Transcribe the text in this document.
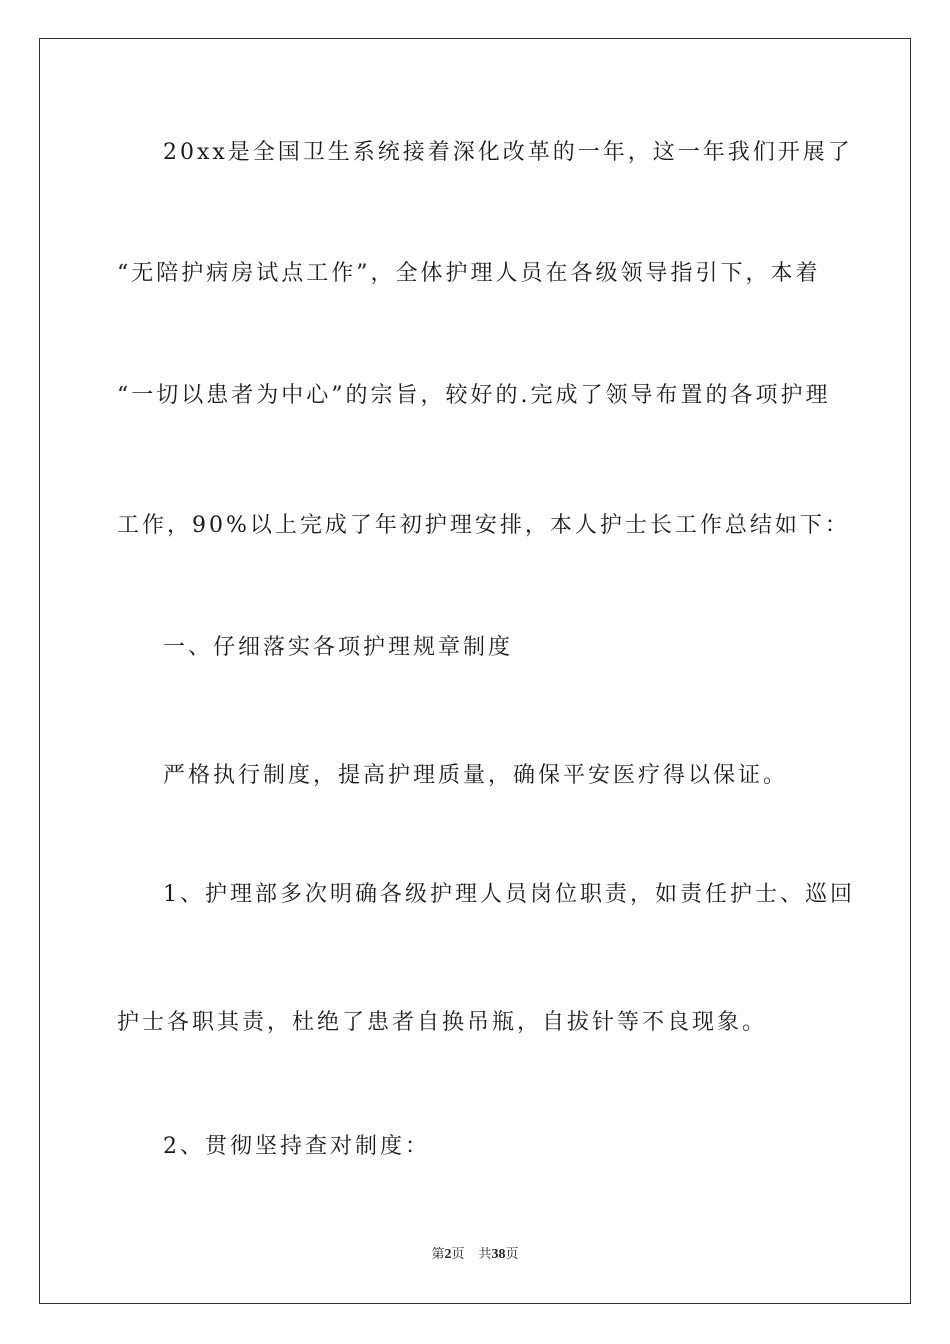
20xx是全国卫生系统接着深化改革的一年，这一年我们开展了
“无陪护病房试点工作”，全体护理人员在各级领导指引下，本着
“一切以患者为中心”的宗旨，较好的.完成了领导布置的各项护理
工作，90%以上完成了年初护理安排，本人护士长工作总结如下：
一、仔细落实各项护理规章制度
严格执行制度，提高护理质量，确保平安医疗得以保证。
1、护理部多次明确各级护理人员岗位职责，如责任护士、巡回
护士各职其责，杜绝了患者自换吊瓶，自拔针等不良现象。
2、贯彻坚持查对制度：
第2页 共38页
